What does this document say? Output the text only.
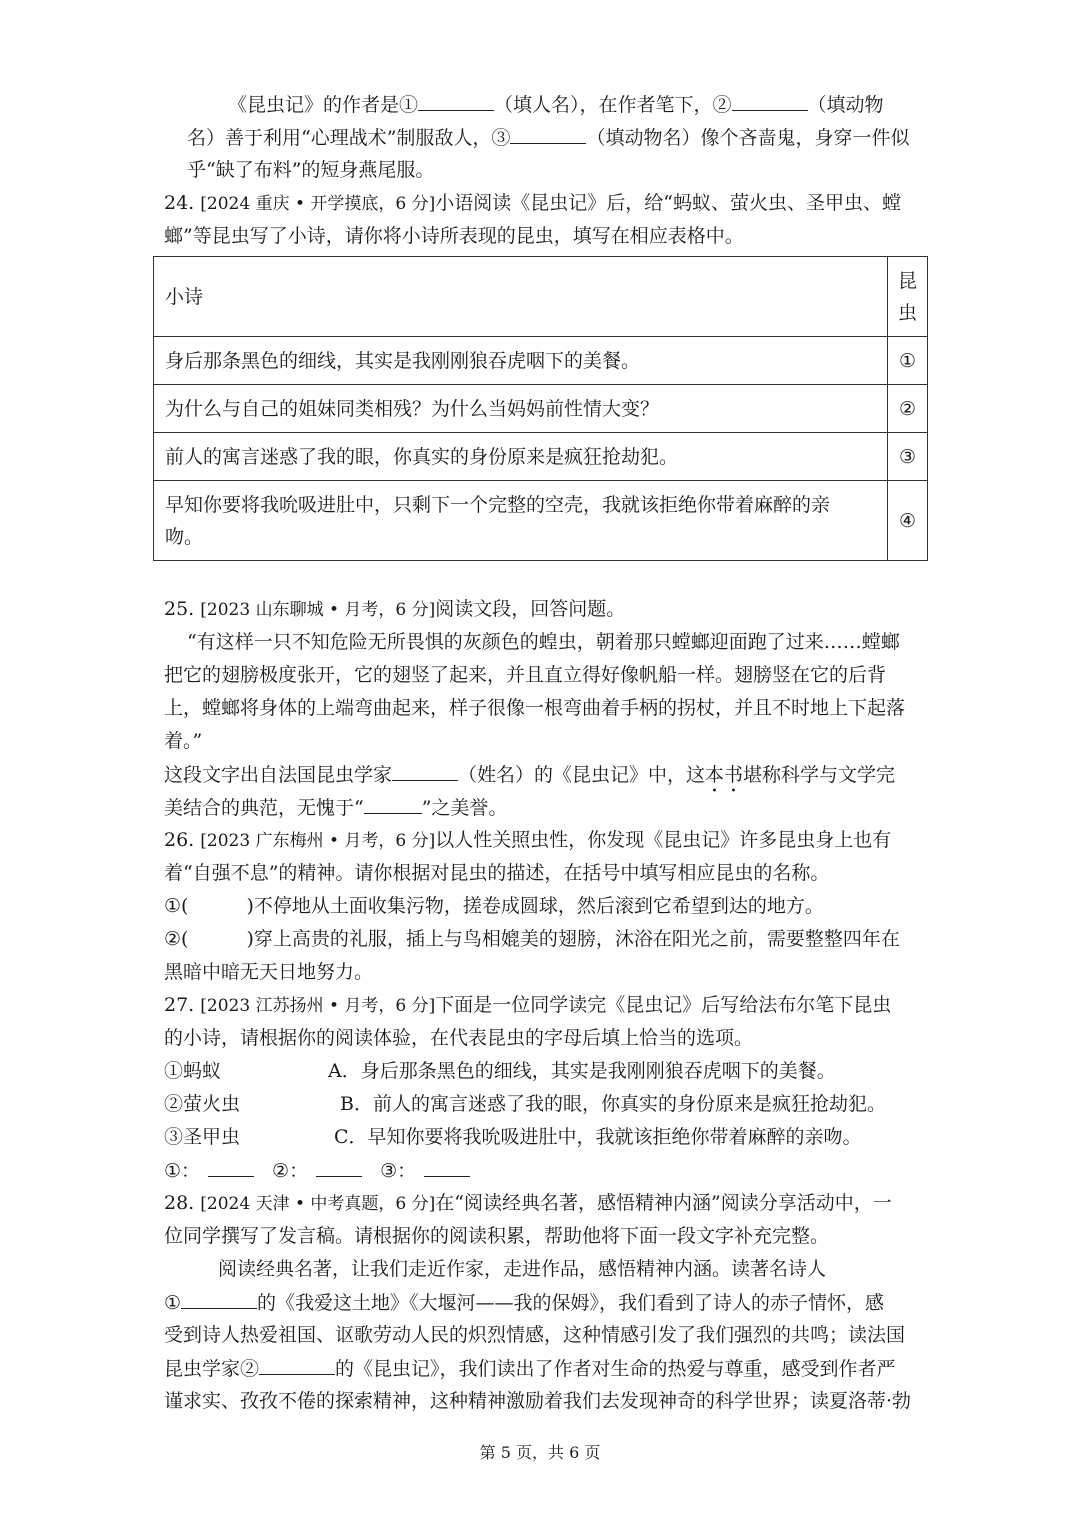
《昆虫记》的作者是①	（填人名），在作者笔下，②	（填动物
名）善于利用“心理战术”制服敌人，③	（填动物名）像个吝啬鬼，身穿一件似
乎“缺了布料”的短身燕尾服。
24. [2024 重庆 • 开学摸底，6 分]小语阅读《昆虫记》后，给“蚂蚁、萤火虫、圣甲虫、螳
螂”等昆虫写了小诗，请你将小诗所表现的昆虫，填写在相应表格中。
小诗	昆
虫

身后那条黑色的细线，其实是我刚刚狼吞虎咽下的美餐。	①
为什么与自己的姐妹同类相残？为什么当妈妈前性情大变？	②
前人的寓言迷惑了我的眼，你真实的身份原来是疯狂抢劫犯。	③

早知你要将我吮吸进肚中，只剩下一个完整的空壳，我就该拒绝你带着麻醉的亲
吻。	④
25. [2023 山东聊城 • 月考，6 分]阅读文段，回答问题。
“有这样一只不知危险无所畏惧的灰颜色的蝗虫，朝着那只螳螂迎面跑了过来……螳螂
把它的翅膀极度张开，它的翅竖了起来，并且直立得好像帆船一样。翅膀竖在它的后背
上，螳螂将身体的上端弯曲起来，样子很像一根弯曲着手柄的拐杖，并且不时地上下起落
着。”
这段文字出自法国昆虫学家	（姓名）的《昆虫记》中，这本书堪称科学与文学完
美结合的典范，无愧于“	”之美誉。
26. [2023 广东梅州 • 月考，6 分]以人性关照虫性，你发现《昆虫记》许多昆虫身上也有
着“自强不息”的精神。请你根据对昆虫的描述，在括号中填写相应昆虫的名称。
①(	)不停地从土面收集污物，搓卷成圆球，然后滚到它希望到达的地方。
②(	)穿上高贵的礼服，插上与鸟相媲美的翅膀，沐浴在阳光之前，需要整整四年在
黑暗中暗无天日地努力。
27. [2023 江苏扬州 • 月考，6 分]下面是一位同学读完《昆虫记》后写给法布尔笔下昆虫
的小诗，请根据你的阅读体验，在代表昆虫的字母后填上恰当的选项。
①蚂蚁	A．身后那条黑色的细线，其实是我刚刚狼吞虎咽下的美餐。
②萤火虫	B．前人的寓言迷惑了我的眼，你真实的身份原来是疯狂抢劫犯。
③圣甲虫	C．早知你要将我吮吸进肚中，我就该拒绝你带着麻醉的亲吻。
①：	②：	③：
28. [2024 天津 • 中考真题，6 分]在“阅读经典名著，感悟精神内涵”阅读分享活动中，一
位同学撰写了发言稿。请根据你的阅读积累，帮助他将下面一段文字补充完整。
阅读经典名著，让我们走近作家，走进作品，感悟精神内涵。读著名诗人
①	的《我爱这土地》《大堰河——我的保姆》，我们看到了诗人的赤子情怀，感
受到诗人热爱祖国、讴歌劳动人民的炽烈情感，这种情感引发了我们强烈的共鸣；读法国
昆虫学家②	的《昆虫记》，我们读出了作者对生命的热爱与尊重，感受到作者严
谨求实、孜孜不倦的探索精神，这种精神激励着我们去发现神奇的科学世界；读夏洛蒂·勃
第 5 页，共 6 页
